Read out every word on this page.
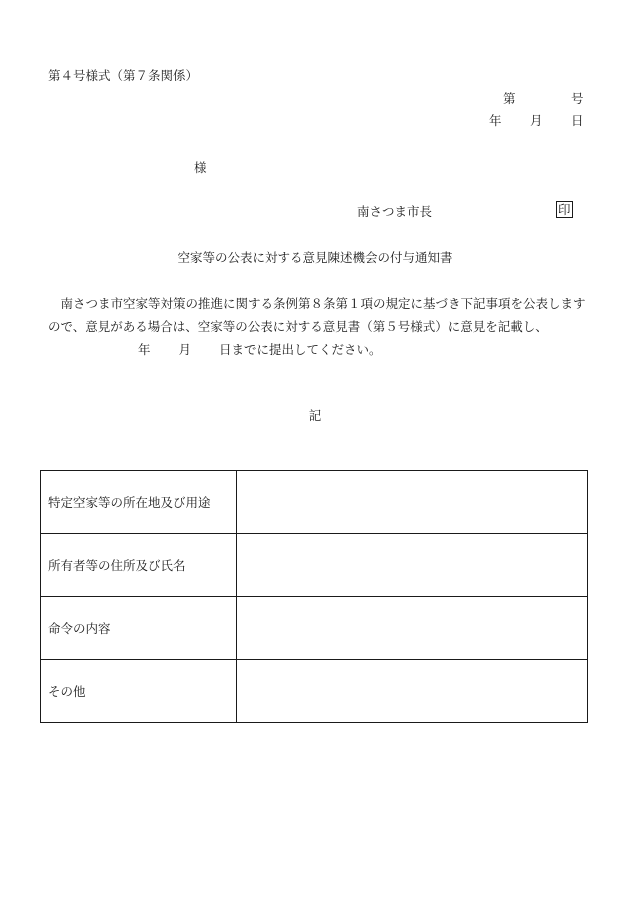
第４号様式（第７条関係）
第	号
年 月 日
様
南さつま市長	印
空家等の公表に対する意見陳述機会の付与通知書

　南さつま市空家等対策の推進に関する条例第８条第１項の規定に基づき下記事項を公表しますので、意見がある場合は、空家等の公表に対する意見書（第５号様式）に意見を記載し、年 月 日までに提出してください。

記
特定空家等の所在地及び用途	
所有者等の住所及び氏名	
命令の内容	
その他	
